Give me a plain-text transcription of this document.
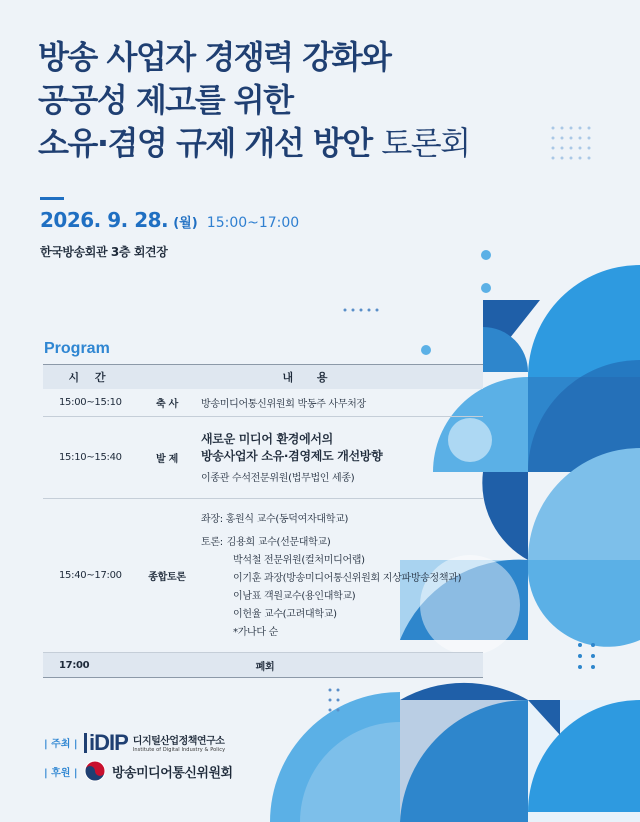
방송 사업자 경쟁력 강화와
공공성 제고를 위한
소유·겸영 규제 개선 방안 토론회
2026. 9. 28. (월) 15:00~17:00
한국방송회관 3층 회견장
Program
시 간	내 용
15:00~15:10	축 사	방송미디어통신위원회 박동주 사무처장
15:10~15:40	발 제
새로운 미디어 환경에서의
방송사업자 소유·겸영제도 개선방향
이종관 수석전문위원(법무법인 세종)
15:40~17:00	종합토론
좌장: 홍원식 교수(동덕여자대학교)
토론: 김용희 교수(선문대학교)
박석철 전문위원(컬처미디어랩)
이기훈 과장(방송미디어통신위원회 지상파방송정책과)
이남표 객원교수(용인대학교)
이헌율 교수(고려대학교)
*가나다 순
17:00	폐회
| 주최 | iDIP 디지털산업정책연구소
Institute of Digital Industry & Policy
| 후원 |	방송미디어통신위원회
